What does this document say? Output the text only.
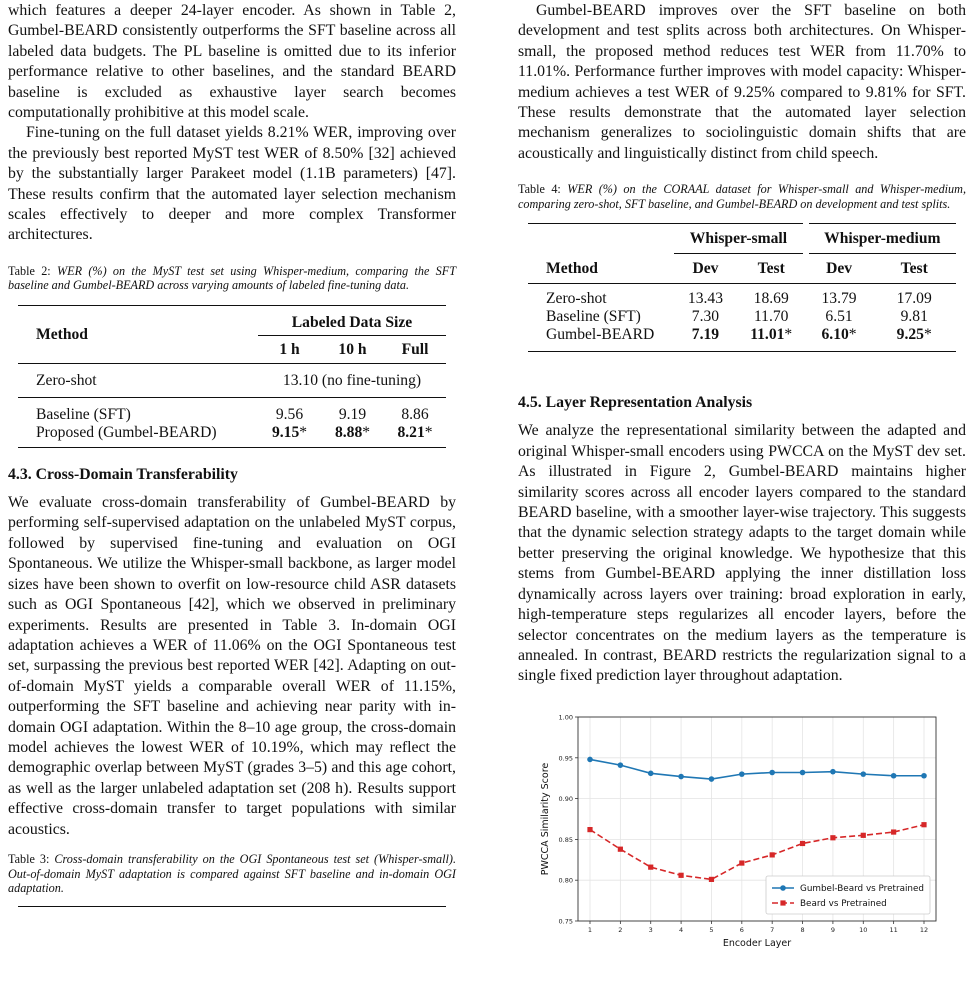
which features a deeper 24-layer encoder. As shown in Table 2, Gumbel-BEARD consistently outperforms the SFT baseline across all labeled data budgets. The PL baseline is omitted due to its inferior performance relative to other baselines, and the standard BEARD baseline is excluded as exhaustive layer search becomes computationally prohibitive at this model scale.

Fine-tuning on the full dataset yields 8.21% WER, improving over the previously best reported MyST test WER of 8.50% [32] achieved by the substantially larger Parakeet model (1.1B parameters) [47]. These results confirm that the automated layer selection mechanism scales effectively to deeper and more complex Transformer architectures.

Table 2: WER (%) on the MyST test set using Whisper-medium, comparing the SFT baseline and Gumbel-BEARD across varying amounts of labeled fine-tuning data.

Method	Labeled Data Size		
	1 h	10 h	Full
Zero-shot	13.10 (no fine-tuning)		
Baseline (SFT)	9.56	9.19	8.86
Proposed (Gumbel-BEARD)	9.15*	8.88*	8.21*

4.3. Cross-Domain Transferability

We evaluate cross-domain transferability of Gumbel-BEARD by performing self-supervised adaptation on the unlabeled MyST corpus, followed by supervised fine-tuning and evaluation on OGI Spontaneous. We utilize the Whisper-small backbone, as larger model sizes have been shown to overfit on low-resource child ASR datasets such as OGI Spontaneous [42], which we observed in preliminary experiments. Results are presented in Table 3. In-domain OGI adaptation achieves a WER of 11.06% on the OGI Spontaneous test set, surpassing the previous best reported WER [42]. Adapting on out-of-domain MyST yields a comparable overall WER of 11.15%, outperforming the SFT baseline and achieving near parity with in-domain OGI adaptation. Within the 8–10 age group, the cross-domain model achieves the lowest WER of 10.19%, which may reflect the demographic overlap between MyST (grades 3–5) and this age cohort, as well as the larger unlabeled adaptation set (208 h). Results support effective cross-domain transfer to target populations with similar acoustics.

Table 3: Cross-domain transferability on the OGI Spontaneous test set (Whisper-small). Out-of-domain MyST adaptation is compared against SFT baseline and in-domain OGI adaptation.

Gumbel-BEARD improves over the SFT baseline on both development and test splits across both architectures. On Whisper-small, the proposed method reduces test WER from 11.70% to 11.01%. Performance further improves with model capacity: Whisper-medium achieves a test WER of 9.25% compared to 9.81% for SFT. These results demonstrate that the automated layer selection mechanism generalizes to sociolinguistic domain shifts that are acoustically and linguistically distinct from child speech.

Table 4: WER (%) on the CORAAL dataset for Whisper-small and Whisper-medium, comparing zero-shot, SFT baseline, and Gumbel-BEARD on development and test splits.

	Whisper-small		Whisper-medium	
Method	Dev	Test	Dev	Test
Zero-shot	13.43	18.69	13.79	17.09
Baseline (SFT)	7.30	11.70	6.51	9.81
Gumbel-BEARD	7.19	11.01*	6.10*	9.25*

4.5. Layer Representation Analysis

We analyze the representational similarity between the adapted and original Whisper-small encoders using PWCCA on the MyST dev set. As illustrated in Figure 2, Gumbel-BEARD maintains higher similarity scores across all encoder layers compared to the standard BEARD baseline, with a smoother layer-wise trajectory. This suggests that the dynamic selection strategy adapts to the target domain while better preserving the original knowledge. We hypothesize that this stems from Gumbel-BEARD applying the inner distillation loss dynamically across layers over training: broad exploration in early, high-temperature steps regularizes all encoder layers, before the selector concentrates on the medium layers as the temperature is annealed. In contrast, BEARD restricts the regularization signal to a single fixed prediction layer throughout adaptation.

0.75
0.80
0.85
0.90
0.95
1.00
1	2	3	4	5	6	7	8	9	10	11	12
Encoder Layer
PWCCA Similarity Score
Gumbel-Beard vs Pretrained
Beard vs Pretrained
